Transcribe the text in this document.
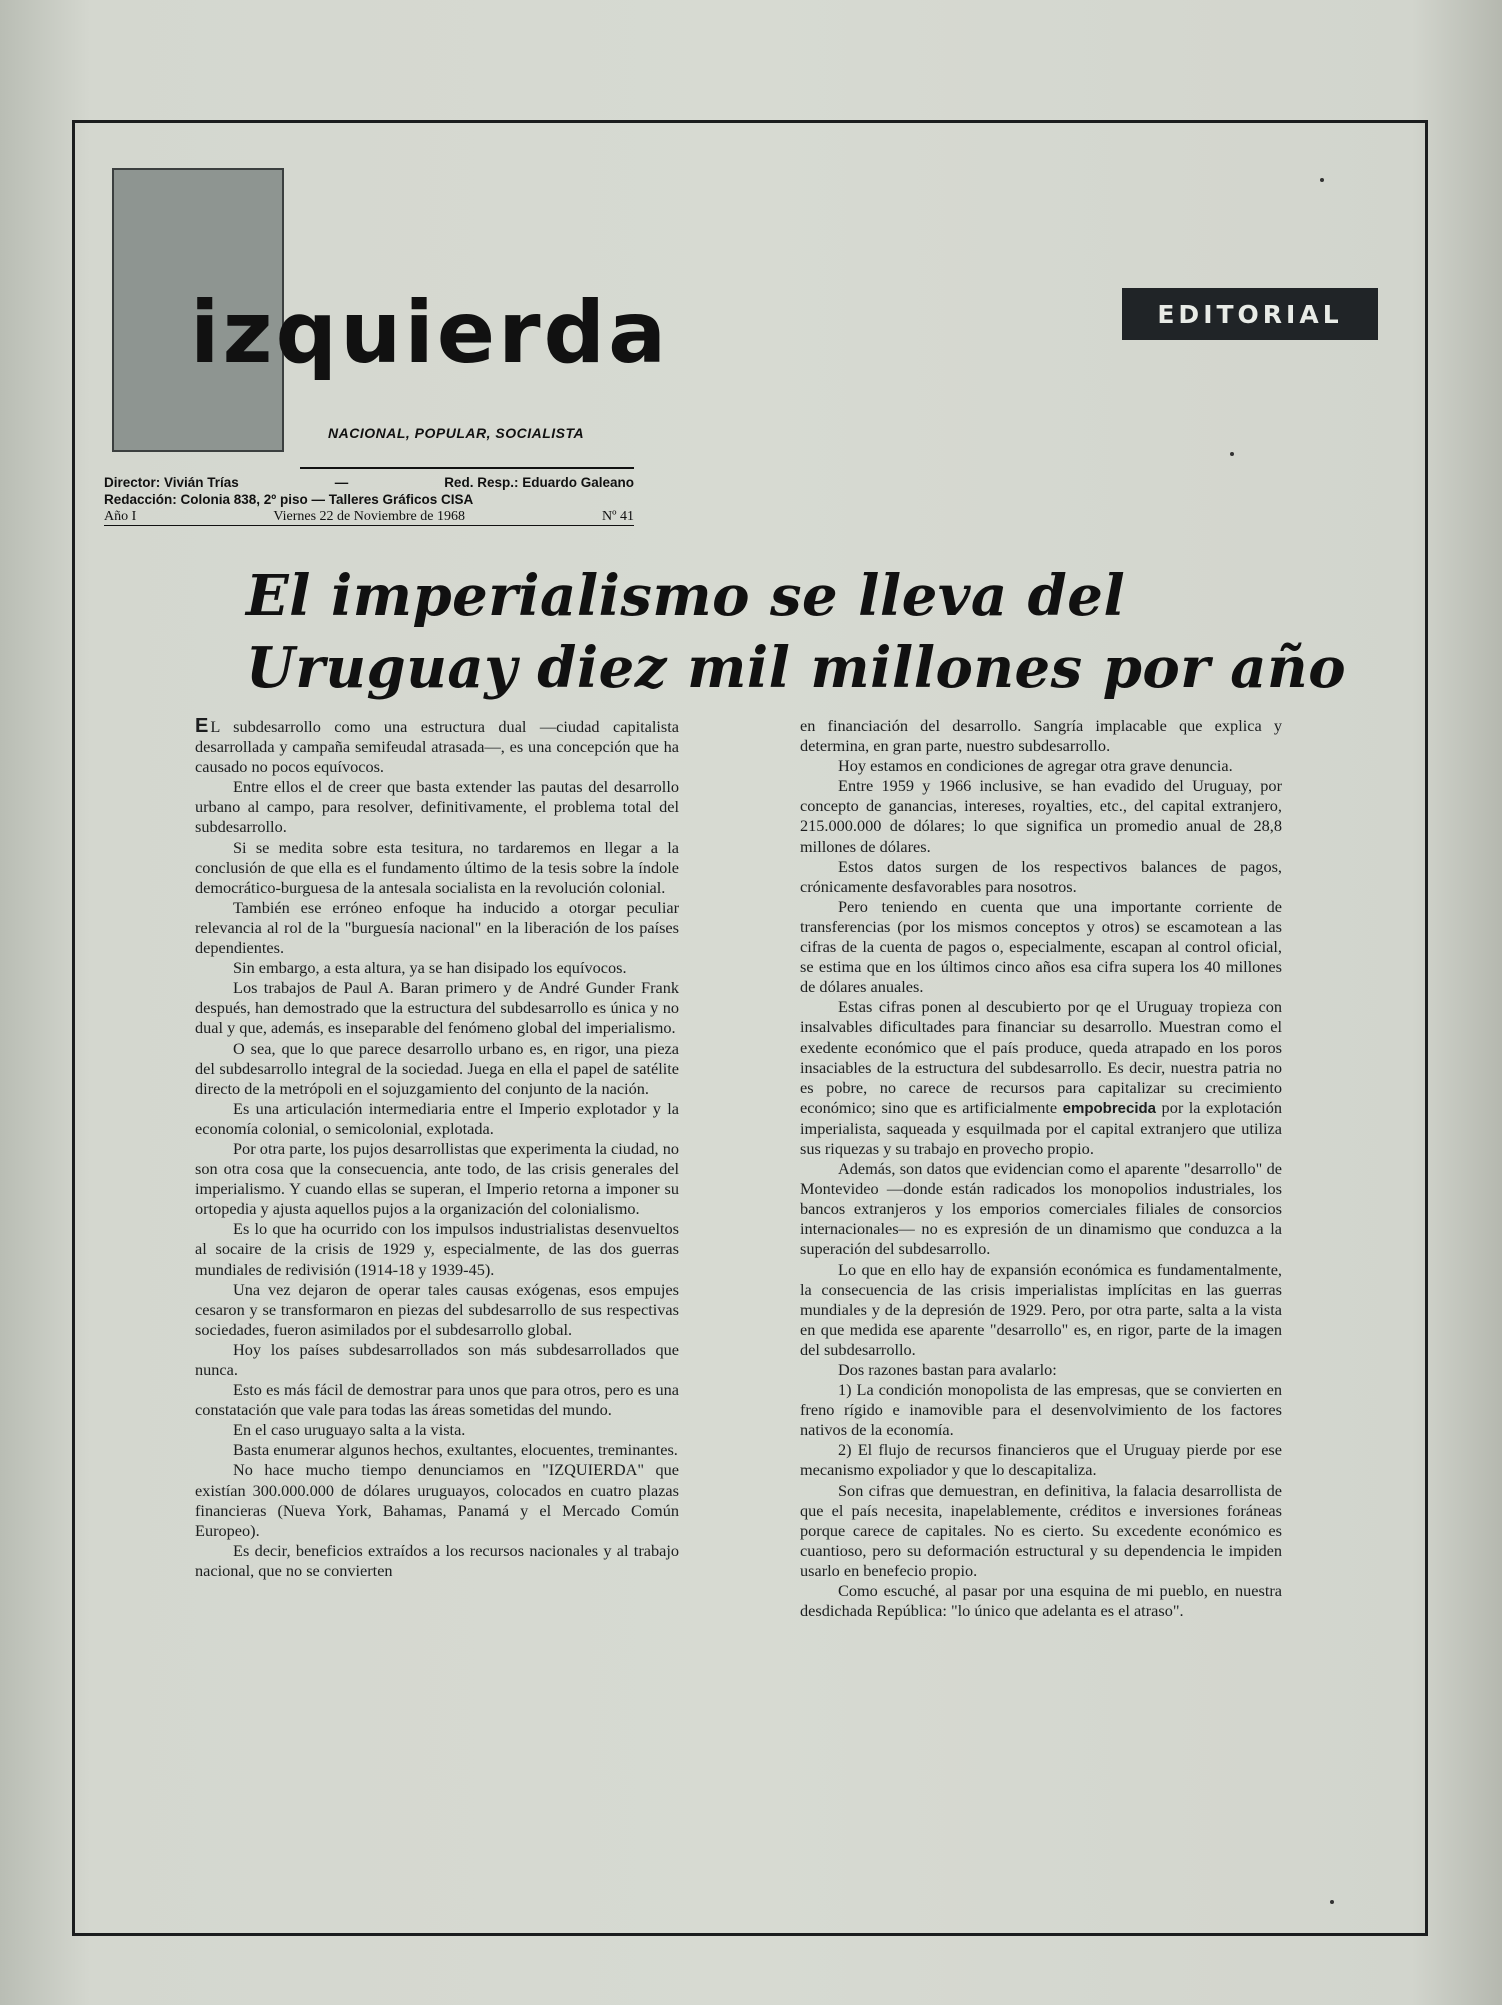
izquierda
NACIONAL, POPULAR, SOCIALISTA
Director: Vivián Trías	—	Red. Resp.: Eduardo Galeano
Redacción: Colonia 838, 2º piso — Talleres Gráficos CISA
Año I	Viernes 22 de Noviembre de 1968	Nº 41
EDITORIAL
El imperialismo se lleva del
Uruguay diez mil millones por año

E L subdesarrollo como una estructura dual —ciudad capitalista desarrollada y campaña semifeudal atrasada—, es una concepción que ha causado no pocos equívocos.

Entre ellos el de creer que basta extender las pautas del desarrollo urbano al campo, para resolver, definitivamente, el problema total del subdesarrollo.

Si se medita sobre esta tesitura, no tardaremos en llegar a la conclusión de que ella es el fundamento último de la tesis sobre la índole democrático-burguesa de la antesala socialista en la revolución colonial.

También ese erróneo enfoque ha inducido a otorgar peculiar relevancia al rol de la "burguesía nacional" en la liberación de los países dependientes.

Sin embargo, a esta altura, ya se han disipado los equívocos.

Los trabajos de Paul A. Baran primero y de André Gunder Frank después, han demostrado que la estructura del subdesarrollo es única y no dual y que, además, es inseparable del fenómeno global del imperialismo.

O sea, que lo que parece desarrollo urbano es, en rigor, una pieza del subdesarrollo integral de la sociedad. Juega en ella el papel de satélite directo de la metrópoli en el sojuzgamiento del conjunto de la nación.

Es una articulación intermediaria entre el Imperio explotador y la economía colonial, o semicolonial, explotada.

Por otra parte, los pujos desarrollistas que experimenta la ciudad, no son otra cosa que la consecuencia, ante todo, de las crisis generales del imperialismo. Y cuando ellas se superan, el Imperio retorna a imponer su ortopedia y ajusta aquellos pujos a la organización del colonialismo.

Es lo que ha ocurrido con los impulsos industrialistas desenvueltos al socaire de la crisis de 1929 y, especialmente, de las dos guerras mundiales de redivisión (1914-18 y 1939-45).

Una vez dejaron de operar tales causas exógenas, esos empujes cesaron y se transformaron en piezas del subdesarrollo de sus respectivas sociedades, fueron asimilados por el subdesarrollo global.

Hoy los países subdesarrollados son más subdesarrollados que nunca.

Esto es más fácil de demostrar para unos que para otros, pero es una constatación que vale para todas las áreas sometidas del mundo.

En el caso uruguayo salta a la vista.

Basta enumerar algunos hechos, exultantes, elocuentes, treminantes.

No hace mucho tiempo denunciamos en "IZQUIERDA" que existían 300.000.000 de dólares uruguayos, colocados en cuatro plazas financieras (Nueva York, Bahamas, Panamá y el Mercado Común Europeo).

Es decir, beneficios extraídos a los recursos nacionales y al trabajo nacional, que no se convierten

en financiación del desarrollo. Sangría implacable que explica y determina, en gran parte, nuestro subdesarrollo.

Hoy estamos en condiciones de agregar otra grave denuncia.

Entre 1959 y 1966 inclusive, se han evadido del Uruguay, por concepto de ganancias, intereses, royalties, etc., del capital extranjero, 215.000.000 de dólares; lo que significa un promedio anual de 28,8 millones de dólares.

Estos datos surgen de los respectivos balances de pagos, crónicamente desfavorables para nosotros.

Pero teniendo en cuenta que una importante corriente de transferencias (por los mismos conceptos y otros) se escamotean a las cifras de la cuenta de pagos o, especialmente, escapan al control oficial, se estima que en los últimos cinco años esa cifra supera los 40 millones de dólares anuales.

Estas cifras ponen al descubierto por qe el Uruguay tropieza con insalvables dificultades para financiar su desarrollo. Muestran como el exedente económico que el país produce, queda atrapado en los poros insaciables de la estructura del subdesarrollo. Es decir, nuestra patria no es pobre, no carece de recursos para capitalizar su crecimiento económico; sino que es artificialmente empobrecida por la explotación imperialista, saqueada y esquilmada por el capital extranjero que utiliza sus riquezas y su trabajo en provecho propio.

Además, son datos que evidencian como el aparente "desarrollo" de Montevideo —donde están radicados los monopolios industriales, los bancos extranjeros y los emporios comerciales filiales de consorcios internacionales— no es expresión de un dinamismo que conduzca a la superación del subdesarrollo.

Lo que en ello hay de expansión económica es fundamentalmente, la consecuencia de las crisis imperialistas implícitas en las guerras mundiales y de la depresión de 1929. Pero, por otra parte, salta a la vista en que medida ese aparente "desarrollo" es, en rigor, parte de la imagen del subdesarrollo.

Dos razones bastan para avalarlo:

1) La condición monopolista de las empresas, que se convierten en freno rígido e inamovible para el desenvolvimiento de los factores nativos de la economía.

2) El flujo de recursos financieros que el Uruguay pierde por ese mecanismo expoliador y que lo descapitaliza.

Son cifras que demuestran, en definitiva, la falacia desarrollista de que el país necesita, inapelablemente, créditos e inversiones foráneas porque carece de capitales. No es cierto. Su excedente económico es cuantioso, pero su deformación estructural y su dependencia le impiden usarlo en benefecio propio.

Como escuché, al pasar por una esquina de mi pueblo, en nuestra desdichada República: "lo único que adelanta es el atraso".
